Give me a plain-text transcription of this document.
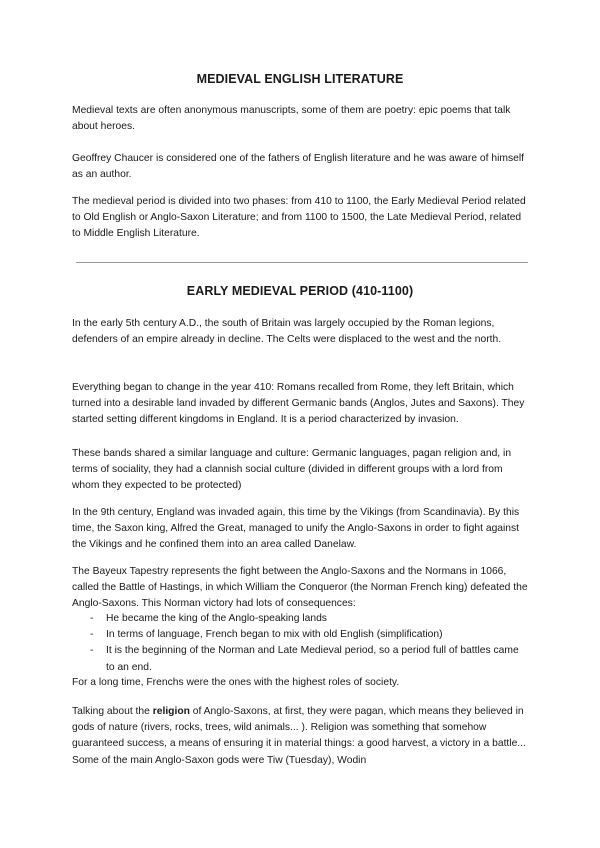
MEDIEVAL ENGLISH LITERATURE

Medieval texts are often anonymous manuscripts, some of them are poetry: epic poems that talk about heroes.

Geoffrey Chaucer is considered one of the fathers of English literature and he was aware of himself as an author.

The medieval period is divided into two phases: from 410 to 1100, the Early Medieval Period related to Old English or Anglo-Saxon Literature; and from 1100 to 1500, the Late Medieval Period, related to Middle English Literature.

EARLY MEDIEVAL PERIOD (410-1100)

In the early 5th century A.D., the south of Britain was largely occupied by the Roman legions, defenders of an empire already in decline. The Celts were displaced to the west and the north.

Everything began to change in the year 410: Romans recalled from Rome, they left Britain, which turned into a desirable land invaded by different Germanic bands (Anglos, Jutes and Saxons). They started setting different kingdoms in England. It is a period characterized by invasion.

These bands shared a similar language and culture: Germanic languages, pagan religion and, in terms of sociality, they had a clannish social culture (divided in different groups with a lord from whom they expected to be protected)

In the 9th century, England was invaded again, this time by the Vikings (from Scandinavia). By this time, the Saxon king, Alfred the Great, managed to unify the Anglo-Saxons in order to fight against the Vikings and he confined them into an area called Danelaw.

The Bayeux Tapestry represents the fight between the Anglo-Saxons and the Normans in 1066, called the Battle of Hastings, in which William the Conqueror (the Norman French king) defeated the Anglo-Saxons. This Norman victory had lots of consequences:

- He became the king of the Anglo-speaking lands
- In terms of language, French began to mix with old English (simplification)
- It is the beginning of the Norman and Late Medieval period, so a period full of battles came to an end.

For a long time, Frenchs were the ones with the highest roles of society.

Talking about the religion of Anglo-Saxons, at first, they were pagan, which means they believed in gods of nature (rivers, rocks, trees, wild animals... ). Religion was something that somehow guaranteed success, a means of ensuring it in material things: a good harvest, a victory in a battle... Some of the main Anglo-Saxon gods were Tiw (Tuesday), Wodin
